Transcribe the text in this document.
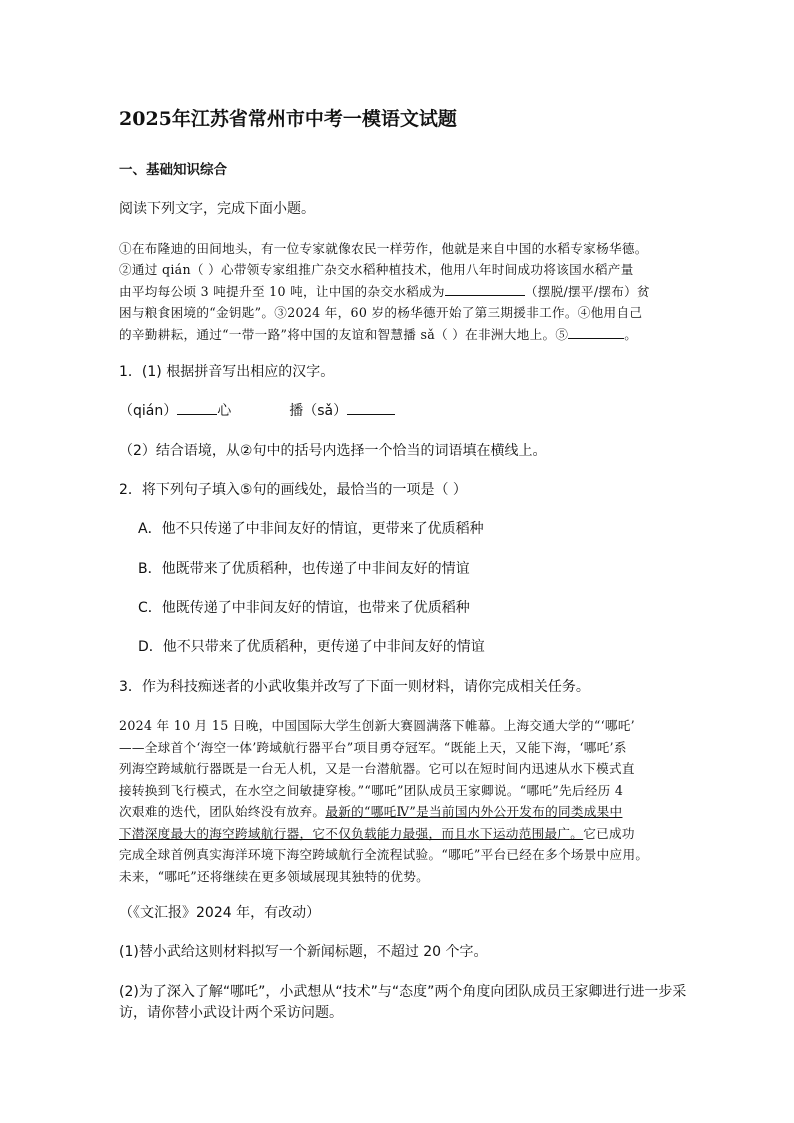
2025年江苏省常州市中考一模语文试题
一、基础知识综合
阅读下列文字，完成下面小题。
①在布隆迪的田间地头，有一位专家就像农民一样劳作，他就是来自中国的水稻专家杨华德。
②通过 qián（ ）心带领专家组推广杂交水稻种植技术，他用八年时间成功将该国水稻产量
由平均每公顷 3 吨提升至 10 吨，让中国的杂交水稻成为	（摆脱/摆平/摆布）贫
困与粮食困境的“金钥匙”。③2024 年，60 岁的杨华德开始了第三期援非工作。④他用自己
的辛勤耕耘，通过“一带一路”将中国的友谊和智慧播 sǎ（ ）在非洲大地上。⑤	。
1．(1) 根据拼音写出相应的汉字。
（qián）	心	播（sǎ）
（2）结合语境，从②句中的括号内选择一个恰当的词语填在横线上。
2．将下列句子填入⑤句的画线处，最恰当的一项是（ ）
A．他不只传递了中非间友好的情谊，更带来了优质稻种
B．他既带来了优质稻种，也传递了中非间友好的情谊
C．他既传递了中非间友好的情谊，也带来了优质稻种
D．他不只带来了优质稻种，更传递了中非间友好的情谊
3．作为科技痴迷者的小武收集并改写了下面一则材料，请你完成相关任务。
2024 年 10 月 15 日晚，中国国际大学生创新大赛圆满落下帷幕。上海交通大学的“‘哪吒’
——全球首个‘海空一体’跨域航行器平台”项目勇夺冠军。“既能上天，又能下海，‘哪吒’系
列海空跨域航行器既是一台无人机，又是一台潜航器。它可以在短时间内迅速从水下模式直
接转换到飞行模式，在水空之间敏捷穿梭。”“哪吒”团队成员王家卿说。“哪吒”先后经历 4
次艰难的迭代，团队始终没有放弃。最新的“哪吒Ⅳ”是当前国内外公开发布的同类成果中
下潜深度最大的海空跨域航行器，它不仅负载能力最强，而且水下运动范围最广。它已成功
完成全球首例真实海洋环境下海空跨域航行全流程试验。“哪吒”平台已经在多个场景中应用。
未来，“哪吒”还将继续在更多领域展现其独特的优势。
（《文汇报》2024 年，有改动）
(1)替小武给这则材料拟写一个新闻标题，不超过 20 个字。
(2)为了深入了解“哪吒”，小武想从“技术”与“态度”两个角度向团队成员王家卿进行进一步采
访，请你替小武设计两个采访问题。
